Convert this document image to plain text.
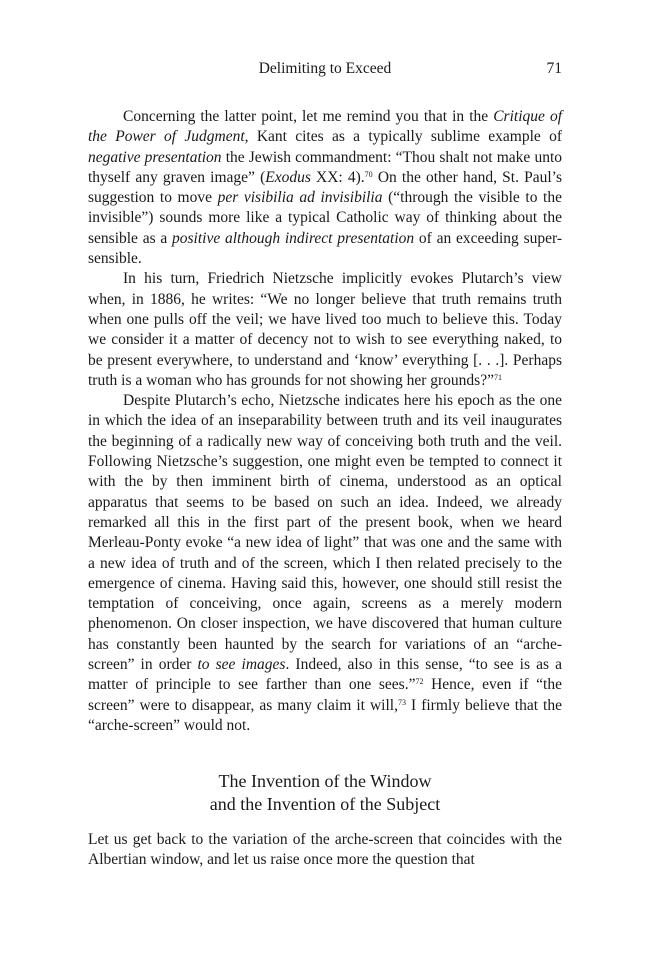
Delimiting to Exceed	71

Concerning the latter point, let me remind you that in the Critique of the Power of Judgment, Kant cites as a typically sublime example of negative presentation the Jewish commandment: “Thou shalt not make unto thyself any graven image” (Exodus XX: 4).$^{70}$ On the other hand, St. Paul’s suggestion to move per visibilia ad invisibilia (“through the visible to the invisible”) sounds more like a typical Catholic way of thinking about the sensible as a positive although indirect presentation of an exceeding super-sensible.

In his turn, Friedrich Nietzsche implicitly evokes Plutarch’s view when, in 1886, he writes: “We no longer believe that truth remains truth when one pulls off the veil; we have lived too much to believe this. Today we consider it a matter of decency not to wish to see everything naked, to be present everywhere, to understand and ‘know’ everything [. . .]. Perhaps truth is a woman who has grounds for not showing her grounds?”$^{71}$

Despite Plutarch’s echo, Nietzsche indicates here his epoch as the one in which the idea of an inseparability between truth and its veil inaugurates the beginning of a radically new way of conceiving both truth and the veil. Following Nietzsche’s suggestion, one might even be tempted to connect it with the by then imminent birth of cinema, understood as an optical apparatus that seems to be based on such an idea. Indeed, we already remarked all this in the first part of the present book, when we heard Merleau-Ponty evoke “a new idea of light” that was one and the same with a new idea of truth and of the screen, which I then related precisely to the emergence of cinema. Having said this, however, one should still resist the temptation of conceiving, once again, screens as a merely modern phenomenon. On closer inspection, we have discovered that human culture has constantly been haunted by the search for variations of an “arche-screen” in order to see images. Indeed, also in this sense, “to see is as a matter of principle to see farther than one sees.”$^{72}$ Hence, even if “the screen” were to disappear, as many claim it will,$^{73}$ I firmly believe that the “arche-screen” would not.

The Invention of the Window
and the Invention of the Subject

Let us get back to the variation of the arche-screen that coincides with the Albertian window, and let us raise once more the question that
